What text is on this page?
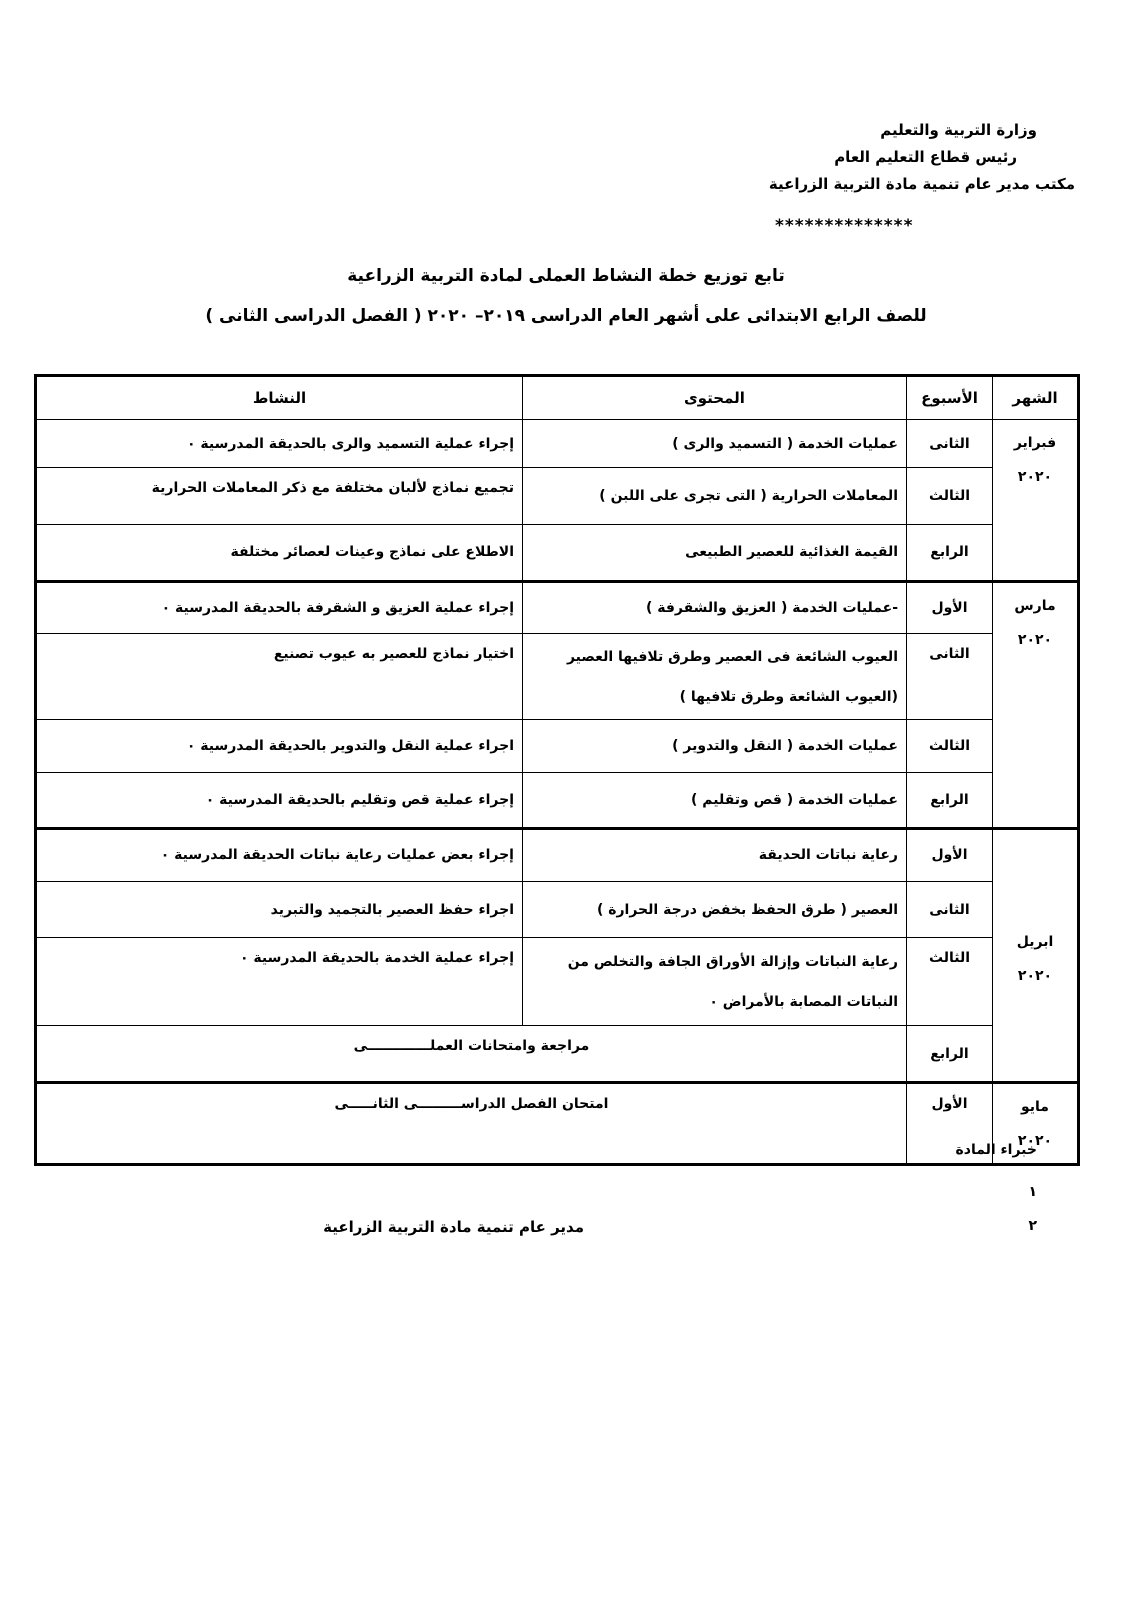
وزارة التربية والتعليم
رئيس قطاع التعليم العام
مكتب مدير عام تنمية مادة التربية الزراعية
**************
تابع توزيع خطة النشاط العملى لمادة التربية الزراعية
للصف الرابع الابتدائى على أشهر العام الدراسى ٢٠١٩– ٢٠٢٠ ( الفصل الدراسى الثانى )
الشهر	الأسبوع	المحتوى	النشاط

فبراير
٢٠٢٠	الثانى	عمليات الخدمة ( التسميد والرى )	إجراء عملية التسميد والرى بالحديقة المدرسية ٠
	الثالث	المعاملات الحرارية ( التى تجرى على اللبن )	تجميع نماذج لألبان مختلفة مع ذكر المعاملات الحرارية
	الرابع	القيمة الغذائية للعصير الطبيعى	الاطلاع على نماذج وعينات لعصائر مختلفة

مارس
٢٠٢٠	الأول	-عمليات الخدمة ( العزيق والشقرفة )	إجراء عملية العزيق و الشقرفة بالحديقة المدرسية ٠
	الثانى	العيوب الشائعة فى العصير وطرق تلافيها العصير (العيوب الشائعة وطرق تلافيها )	اختيار نماذج للعصير به عيوب تصنيع
	الثالث	عمليات الخدمة ( النقل والتدوير )	اجراء عملية النقل والتدوير بالحديقة المدرسية ٠
	الرابع	عمليات الخدمة ( قص وتقليم )	إجراء عملية قص وتقليم بالحديقة المدرسية ٠

ابريل
٢٠٢٠	الأول	رعاية نباتات الحديقة	إجراء بعض عمليات رعاية نباتات الحديقة المدرسية ٠
	الثانى	العصير ( طرق الحفظ بخفض درجة الحرارة )	اجراء حفظ العصير بالتجميد والتبريد
	الثالث	رعاية النباتات وإزالة الأوراق الجافة والتخلص من النباتات المصابة بالأمراض ٠	إجراء عملية الخدمة بالحديقة المدرسية ٠
	الرابع	مراجعة وامتحانات العملـــــــــــــى	

مايو
٢٠٢٠	الأول	امتحان الفصل الدراســـــــــى الثانـــــى	
خبراء المادة
١
٢
مدير عام تنمية مادة التربية الزراعية
